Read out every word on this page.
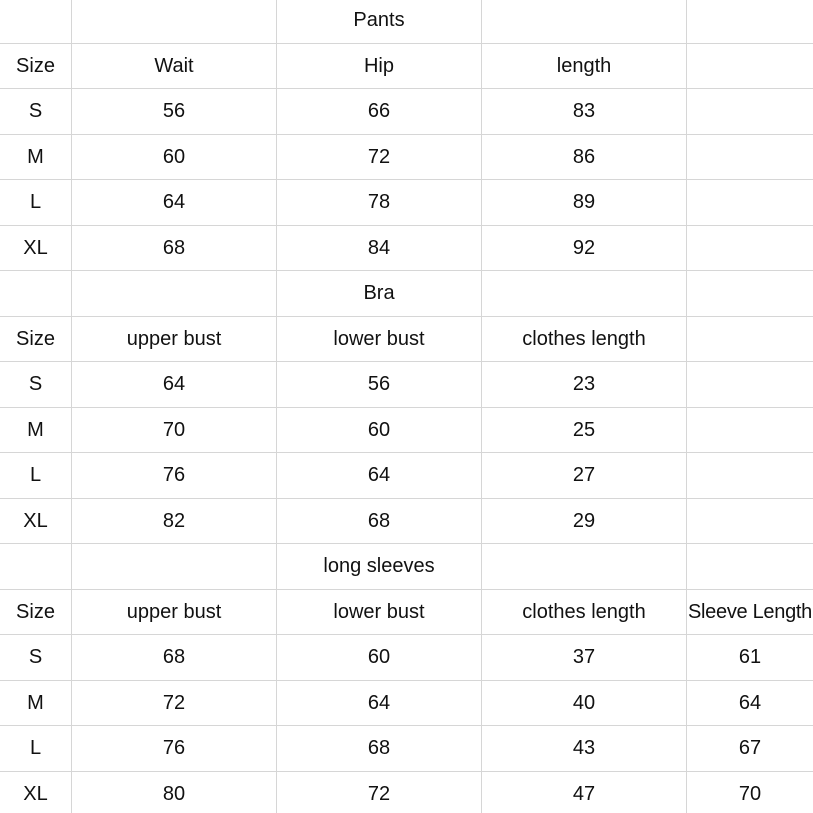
		Pants		
Size	Wait	Hip	length	
S	56	66	83	
M	60	72	86	
L	64	78	89	
XL	68	84	92	
		Bra		
Size	upper bust	lower bust	clothes length	
S	64	56	23	
M	70	60	25	
L	76	64	27	
XL	82	68	29	
		long sleeves		
Size	upper bust	lower bust	clothes length	Sleeve Length
S	68	60	37	61
M	72	64	40	64
L	76	68	43	67
XL	80	72	47	70
